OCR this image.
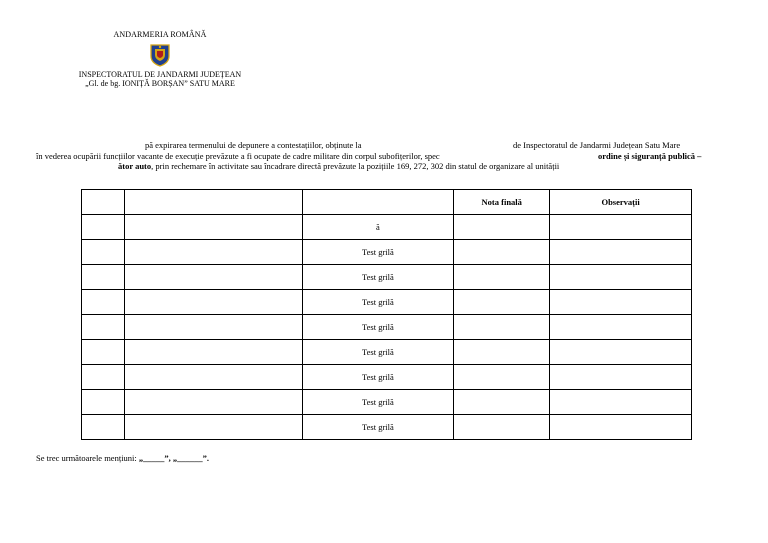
ANDARMERIA ROMÂNĂ
INSPECTORATUL DE JANDARMI JUDEȚEAN
„Gl. de bg. IONIȚĂ BORȘAN” SATU MARE
pă expirarea termenului de depunere a contestațiilor, obținute la	de Inspectoratul de Jandarmi Județean Satu Mare
în vederea ocupării funcțiilor vacante de execuție prevăzute a fi ocupate de cadre militare din corpul subofițerilor, spec	ordine și siguranță publică –
ător auto, prin rechemare în activitate sau încadrare directă prevăzute la pozițiile 169, 272, 302 din statul de organizare al unității
			Nota finală	Observații
		ă		
		Test grilă		
		Test grilă		
		Test grilă		
		Test grilă		
		Test grilă		
		Test grilă		
		Test grilă		
		Test grilă		
Se trec următoarele mențiuni: „_____”, „______”.
